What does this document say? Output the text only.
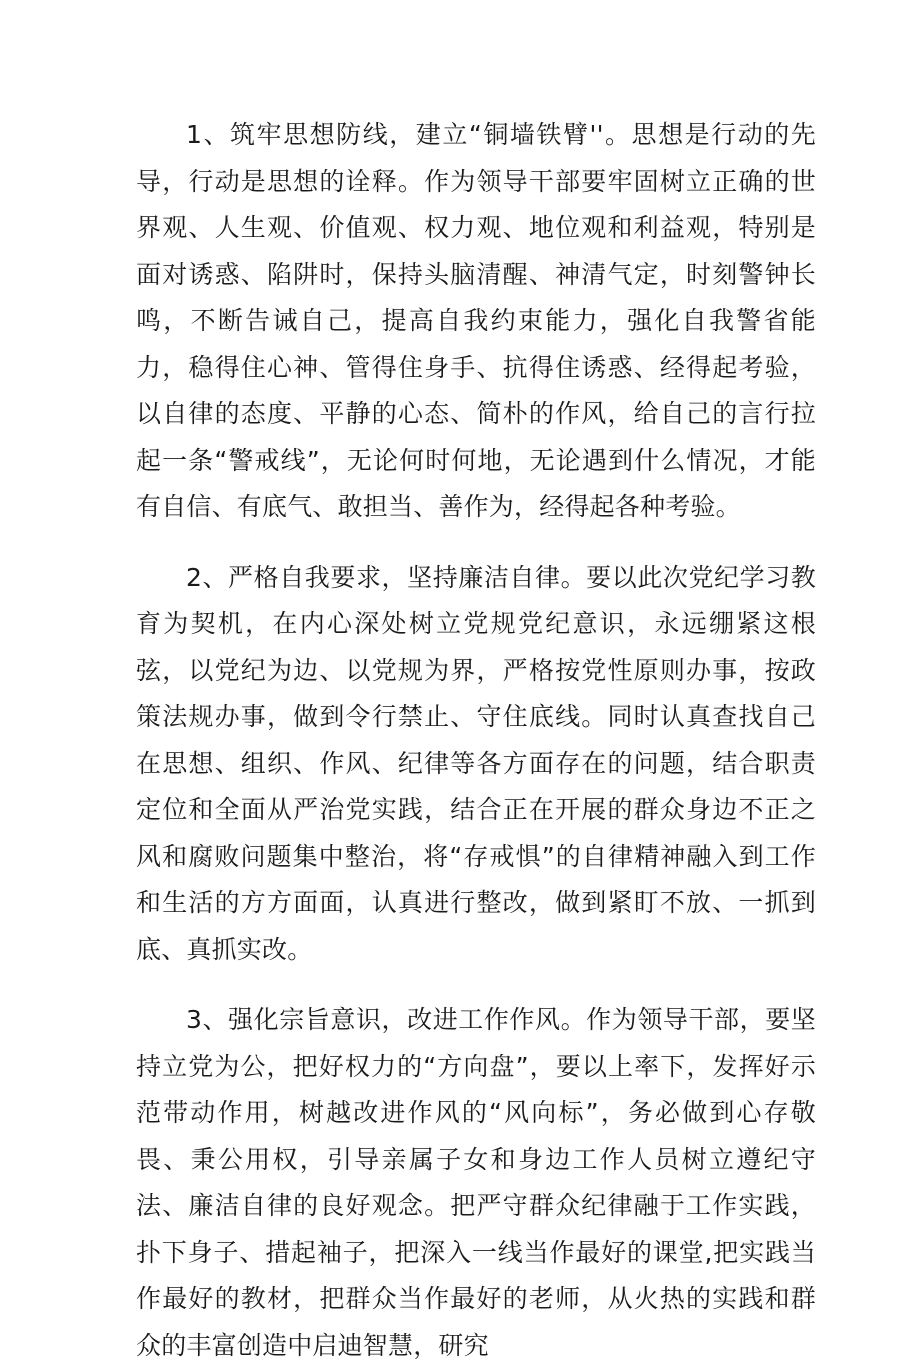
1、筑牢思想防线，建立“铜墙铁臂''。思想是行动的先导，行动是思想的诠释。作为领导干部要牢固树立正确的世界观、人生观、价值观、权力观、地位观和利益观，特别是面对诱惑、陷阱时，保持头脑清醒、神清气定，时刻警钟长鸣，不断告诫自己，提高自我约束能力，强化自我警省能力，稳得住心神、管得住身手、抗得住诱惑、经得起考验，以自律的态度、平静的心态、简朴的作风，给自己的言行拉起一条“警戒线”，无论何时何地，无论遇到什么情况，才能有自信、有底气、敢担当、善作为，经得起各种考验。

2、严格自我要求，坚持廉洁自律。要以此次党纪学习教育为契机，在内心深处树立党规党纪意识，永远绷紧这根弦，以党纪为边、以党规为界，严格按党性原则办事，按政策法规办事，做到令行禁止、守住底线。同时认真查找自己在思想、组织、作风、纪律等各方面存在的问题，结合职责定位和全面从严治党实践，结合正在开展的群众身边不正之风和腐败问题集中整治，将“存戒惧”的自律精神融入到工作和生活的方方面面，认真进行整改，做到紧盯不放、一抓到底、真抓实改。

3、强化宗旨意识，改进工作作风。作为领导干部，要坚持立党为公，把好权力的“方向盘”，要以上率下，发挥好示范带动作用，树越改进作风的“风向标”，务必做到心存敬畏、秉公用权，引导亲属子女和身边工作人员树立遵纪守法、廉洁自律的良好观念。把严守群众纪律融于工作实践，扑下身子、措起袖子，把深入一线当作最好的课堂,把实践当作最好的教材，把群众当作最好的老师，从火热的实践和群众的丰富创造中启迪智慧，研究
